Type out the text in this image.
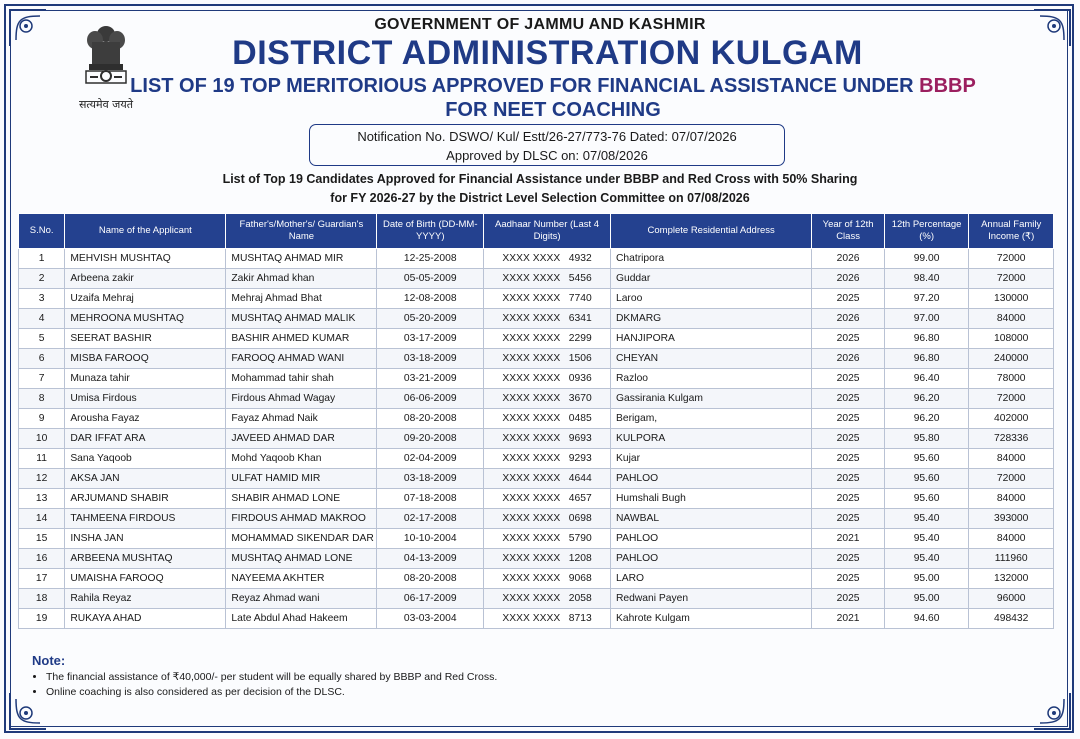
सत्यमेव जयते
GOVERNMENT OF JAMMU AND KASHMIR
DISTRICT ADMINISTRATION KULGAM
LIST OF 19 TOP MERITORIOUS APPROVED FOR FINANCIAL ASSISTANCE UNDER BBBP
FOR NEET COACHING
Notification No. DSWO/ Kul/ Estt/26-27/773-76 Dated: 07/07/2026
Approved by DLSC on: 07/08/2026
List of Top 19 Candidates Approved for Financial Assistance under BBBP and Red Cross with 50% Sharing
for FY 2026-27 by the District Level Selection Committee on 07/08/2026
S.No.	Name of the Applicant	Father's/Mother's/ Guardian's Name	Date of Birth (DD-MM-YYYY)	Aadhaar Number (Last 4 Digits)	Complete Residential Address	Year of 12th Class	12th Percentage (%)	Annual Family Income (₹)
1	MEHVISH MUSHTAQ	MUSHTAQ AHMAD MIR	12-25-2008	XXXX XXXX   4932	Chatripora	2026	99.00	72000
2	Arbeena zakir	Zakir Ahmad khan	05-05-2009	XXXX XXXX   5456	Guddar	2026	98.40	72000
3	Uzaifa Mehraj	Mehraj Ahmad Bhat	12-08-2008	XXXX XXXX   7740	Laroo	2025	97.20	130000
4	MEHROONA MUSHTAQ	MUSHTAQ AHMAD MALIK	05-20-2009	XXXX XXXX   6341	DKMARG	2026	97.00	84000
5	SEERAT BASHIR	BASHIR AHMED KUMAR	03-17-2009	XXXX XXXX   2299	HANJIPORA	2025	96.80	108000
6	MISBA FAROOQ	FAROOQ AHMAD WANI	03-18-2009	XXXX XXXX   1506	CHEYAN	2026	96.80	240000
7	Munaza tahir	Mohammad tahir shah	03-21-2009	XXXX XXXX   0936	Razloo	2025	96.40	78000
8	Umisa Firdous	Firdous Ahmad Wagay	06-06-2009	XXXX XXXX   3670	Gassirania Kulgam	2025	96.20	72000
9	Arousha Fayaz	Fayaz Ahmad Naik	08-20-2008	XXXX XXXX   0485	Berigam,	2025	96.20	402000
10	DAR IFFAT ARA	JAVEED AHMAD DAR	09-20-2008	XXXX XXXX   9693	KULPORA	2025	95.80	728336
11	Sana Yaqoob	Mohd Yaqoob Khan	02-04-2009	XXXX XXXX   9293	Kujar	2025	95.60	84000
12	AKSA JAN	ULFAT HAMID MIR	03-18-2009	XXXX XXXX   4644	PAHLOO	2025	95.60	72000
13	ARJUMAND SHABIR	SHABIR AHMAD LONE	07-18-2008	XXXX XXXX   4657	Humshali Bugh	2025	95.60	84000
14	TAHMEENA FIRDOUS	FIRDOUS AHMAD MAKROO	02-17-2008	XXXX XXXX   0698	NAWBAL	2025	95.40	393000
15	INSHA JAN	MOHAMMAD SIKENDAR DAR	10-10-2004	XXXX XXXX   5790	PAHLOO	2021	95.40	84000
16	ARBEENA MUSHTAQ	MUSHTAQ AHMAD LONE	04-13-2009	XXXX XXXX   1208	PAHLOO	2025	95.40	111960
17	UMAISHA FAROOQ	NAYEEMA AKHTER	08-20-2008	XXXX XXXX   9068	LARO	2025	95.00	132000
18	Rahila Reyaz	Reyaz Ahmad wani	06-17-2009	XXXX XXXX   2058	Redwani Payen	2025	95.00	96000
19	RUKAYA AHAD	Late Abdul Ahad Hakeem	03-03-2004	XXXX XXXX   8713	Kahrote Kulgam	2021	94.60	498432
Note:
• The financial assistance of ₹40,000/- per student will be equally shared by BBBP and Red Cross.
• Online coaching is also considered as per decision of the DLSC.
